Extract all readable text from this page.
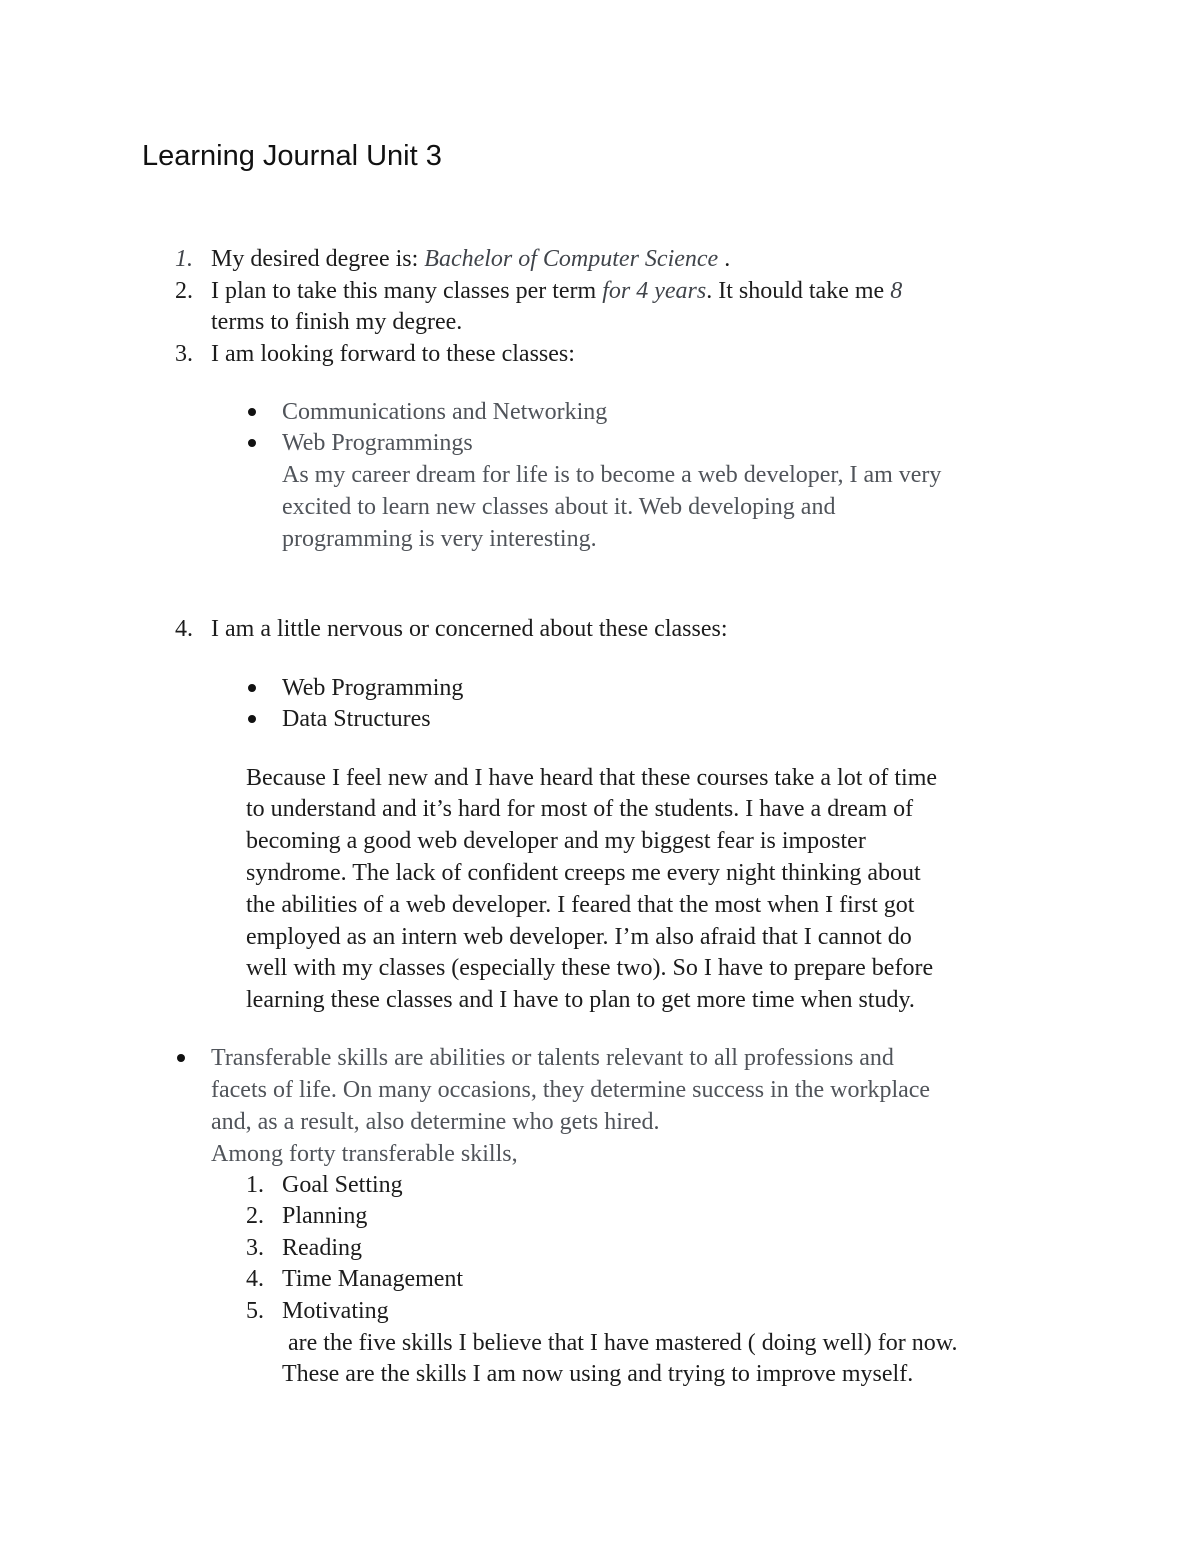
Learning Journal Unit 3
1. My desired degree is: Bachelor of Computer Science .
2. I plan to take this many classes per term for 4 years. It should take me 8
terms to finish my degree.
3. I am looking forward to these classes:
Communications and Networking
Web Programmings
As my career dream for life is to become a web developer, I am very
excited to learn new classes about it. Web developing and
programming is very interesting.
4. I am a little nervous or concerned about these classes:
Web Programming
Data Structures
Because I feel new and I have heard that these courses take a lot of time
to understand and it’s hard for most of the students. I have a dream of
becoming a good web developer and my biggest fear is imposter
syndrome. The lack of confident creeps me every night thinking about
the abilities of a web developer. I feared that the most when I first got
employed as an intern web developer. I’m also afraid that I cannot do
well with my classes (especially these two). So I have to prepare before
learning these classes and I have to plan to get more time when study.
Transferable skills are abilities or talents relevant to all professions and
facets of life. On many occasions, they determine success in the workplace
and, as a result, also determine who gets hired.
Among forty transferable skills,
1. Goal Setting
2. Planning
3. Reading
4. Time Management
5. Motivating
are the five skills I believe that I have mastered ( doing well) for now.
These are the skills I am now using and trying to improve myself.
